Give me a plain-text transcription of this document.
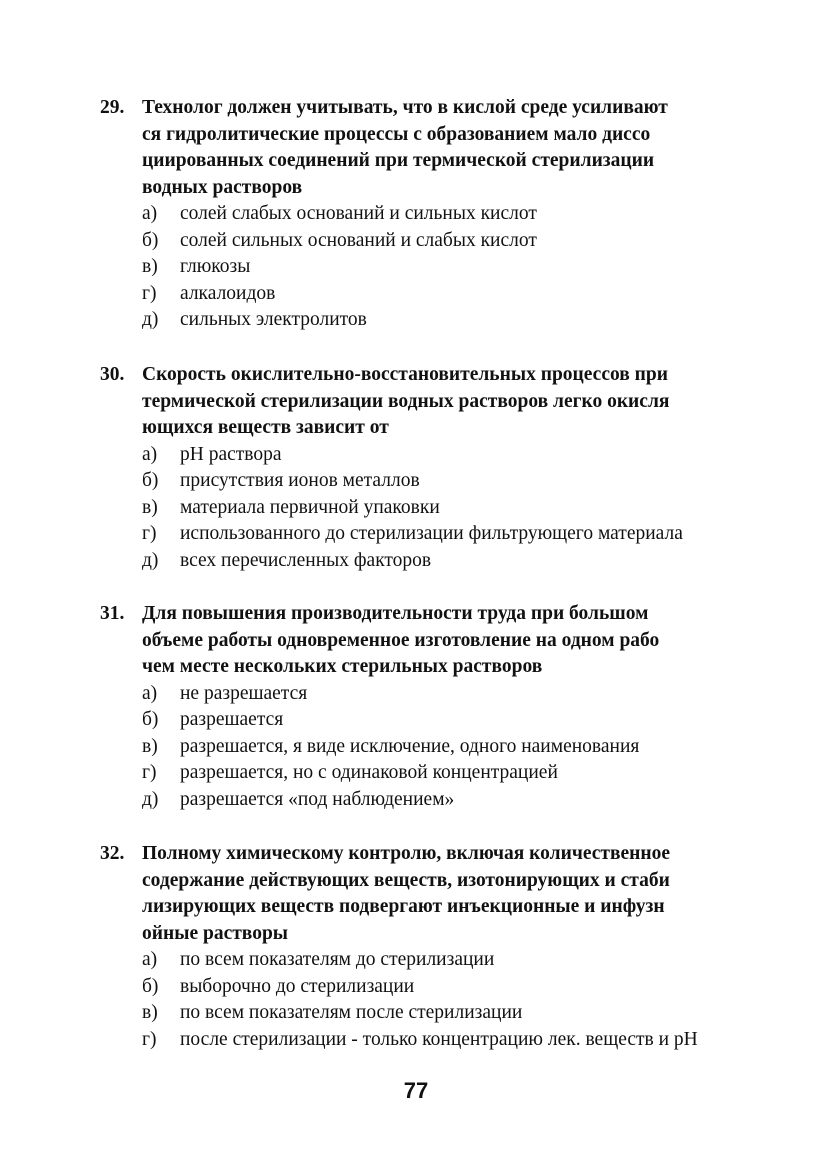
29. Технолог должен учитывать, что в кислой среде усиливают
ся гидролитические процессы с образованием мало диссо
циированных соединений при термической стерилизации
водных растворов
а)	солей слабых оснований и сильных кислот
б)	солей сильных оснований и слабых кислот
в)	глюкозы
г)	алкалоидов
д)	сильных электролитов
30. Скорость окислительно-восстановительных процессов при
термической стерилизации водных растворов легко окисля
ющихся веществ зависит от
а)	pH раствора
б)	присутствия ионов металлов
в)	материала первичной упаковки
г)	использованного до стерилизации фильтрующего материала
д)	всех перечисленных факторов
31. Для повышения производительности труда при большом
объеме работы одновременное изготовление на одном рабо
чем месте нескольких стерильных растворов
а)	не разрешается
б)	разрешается
в)	разрешается, я виде исключение, одного наименования
г)	разрешается, но с одинаковой концентрацией
д)	разрешается «под наблюдением»
32. Полному химическому контролю, включая количественное
содержание действующих веществ, изотонирующих и стаби
лизирующих веществ подвергают инъекционные и инфузн
ойные растворы
а)	по всем показателям до стерилизации
б)	выборочно до стерилизации
в)	по всем показателям после стерилизации
г)	после стерилизации - только концентрацию лек. веществ и pH
77
